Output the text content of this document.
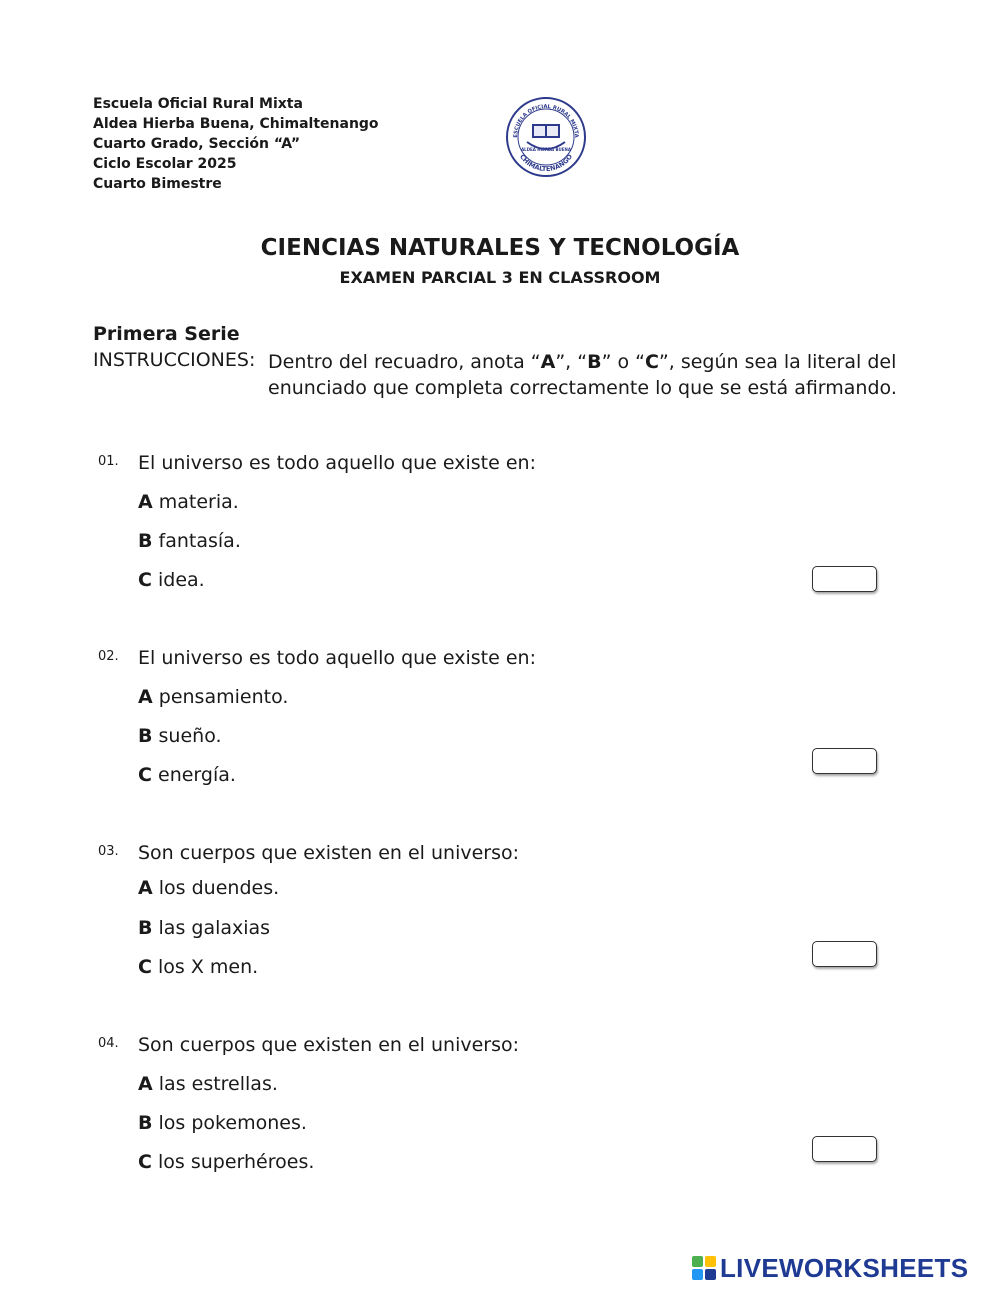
Escuela Oficial Rural Mixta
Aldea Hierba Buena, Chimaltenango
Cuarto Grado, Sección “A”
Ciclo Escolar 2025
Cuarto Bimestre
ESCUELA OFICIAL RURAL MIXTA
CHIMALTENANGO
ALDEA HIERBA BUENA
CIENCIAS NATURALES Y TECNOLOGÍA
EXAMEN PARCIAL 3 EN CLASSROOM
Primera Serie
INSTRUCCIONES: Dentro del recuadro, anota “A”, “B” o “C”, según sea la literal del enunciado que completa correctamente lo que se está afirmando.
01. El universo es todo aquello que existe en:
A materia.
B fantasía.
C idea.
02. El universo es todo aquello que existe en:
A pensamiento.
B sueño.
C energía.
03. Son cuerpos que existen en el universo:
A los duendes.
B las galaxias
C los X men.
04. Son cuerpos que existen en el universo:
A las estrellas.
B los pokemones.
C los superhéroes.
LIVEWORKSHEETS
